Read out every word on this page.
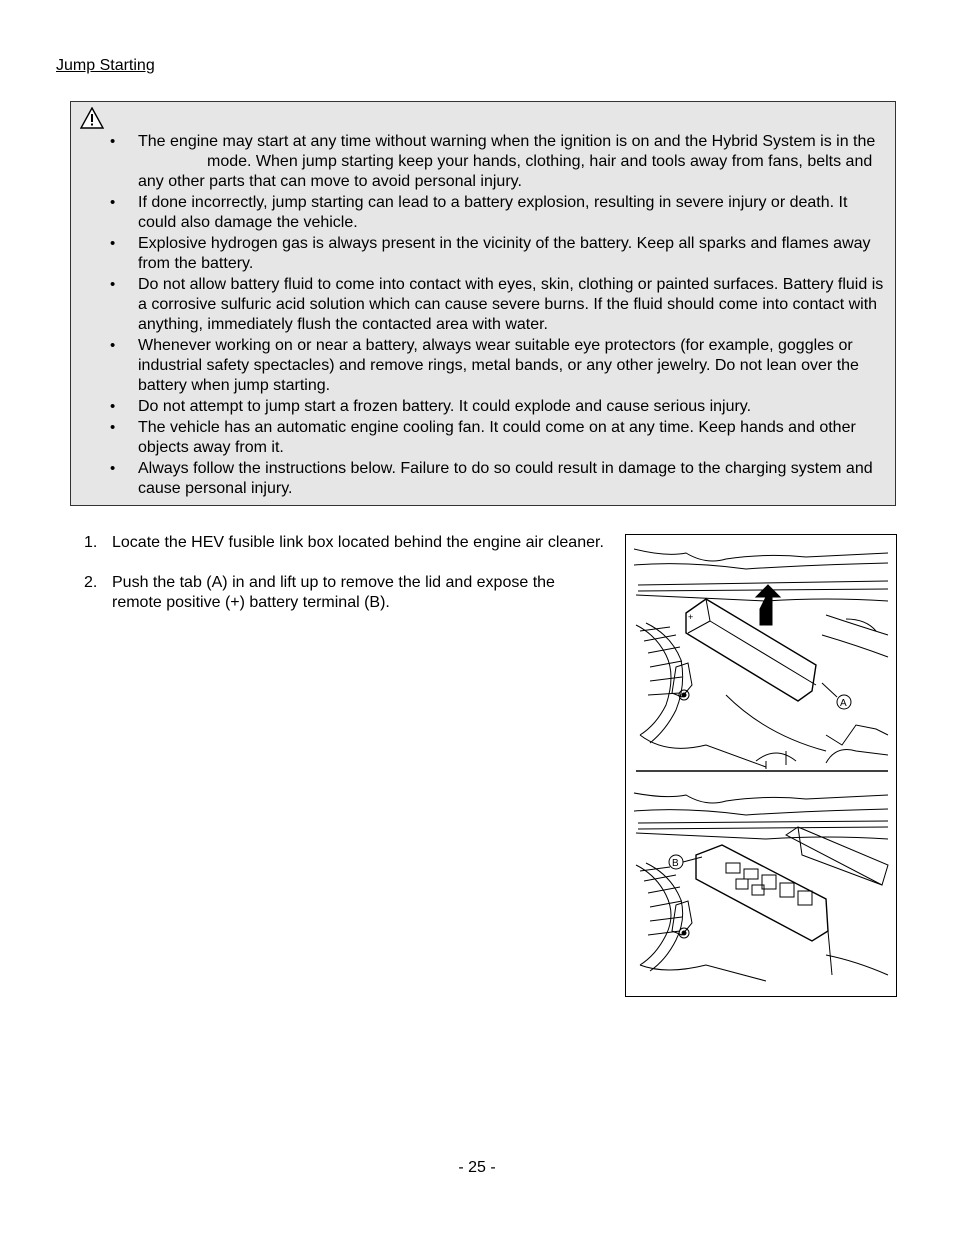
Jump Starting
• The engine may start at any time without warning when the ignition is on and the Hybrid System is in themode. When jump starting keep your hands, clothing, hair and tools away from fans, belts and any other parts that can move to avoid personal injury.
• If done incorrectly, jump starting can lead to a battery explosion, resulting in severe injury or death. It could also damage the vehicle.
• Explosive hydrogen gas is always present in the vicinity of the battery. Keep all sparks and flames away from the battery.
• Do not allow battery fluid to come into contact with eyes, skin, clothing or painted surfaces. Battery fluid is a corrosive sulfuric acid solution which can cause severe burns. If the fluid should come into contact with anything, immediately flush the contacted area with water.
• Whenever working on or near a battery, always wear suitable eye protectors (for example, goggles or industrial safety spectacles) and remove rings, metal bands, or any other jewelry. Do not lean over the battery when jump starting.
• Do not attempt to jump start a frozen battery. It could explode and cause serious injury.
• The vehicle has an automatic engine cooling fan. It could come on at any time. Keep hands and other objects away from it.
• Always follow the instructions below. Failure to do so could result in damage to the charging system and cause personal injury.
1. Locate the HEV fusible link box located behind the engine air cleaner.
2. Push the tab (A) in and lift up to remove the lid and expose the remote positive (+) battery terminal (B).
+
A
B
- 25 -
